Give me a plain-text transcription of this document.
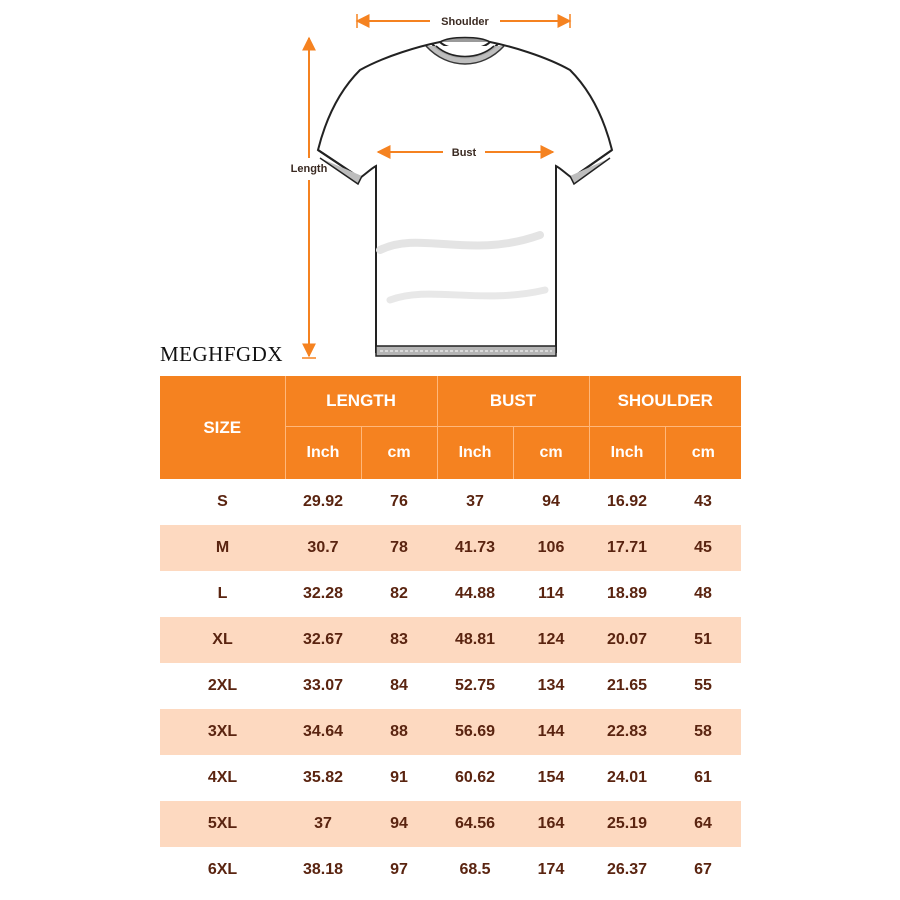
Shoulder
Bust
Length
MEGHFGDX
SIZE	LENGTH		BUST		SHOULDER	
	Inch	cm	Inch	cm	Inch	cm
S	29.92	76	37	94	16.92	43
M	30.7	78	41.73	106	17.71	45
L	32.28	82	44.88	114	18.89	48
XL	32.67	83	48.81	124	20.07	51
2XL	33.07	84	52.75	134	21.65	55
3XL	34.64	88	56.69	144	22.83	58
4XL	35.82	91	60.62	154	24.01	61
5XL	37	94	64.56	164	25.19	64
6XL	38.18	97	68.5	174	26.37	67
